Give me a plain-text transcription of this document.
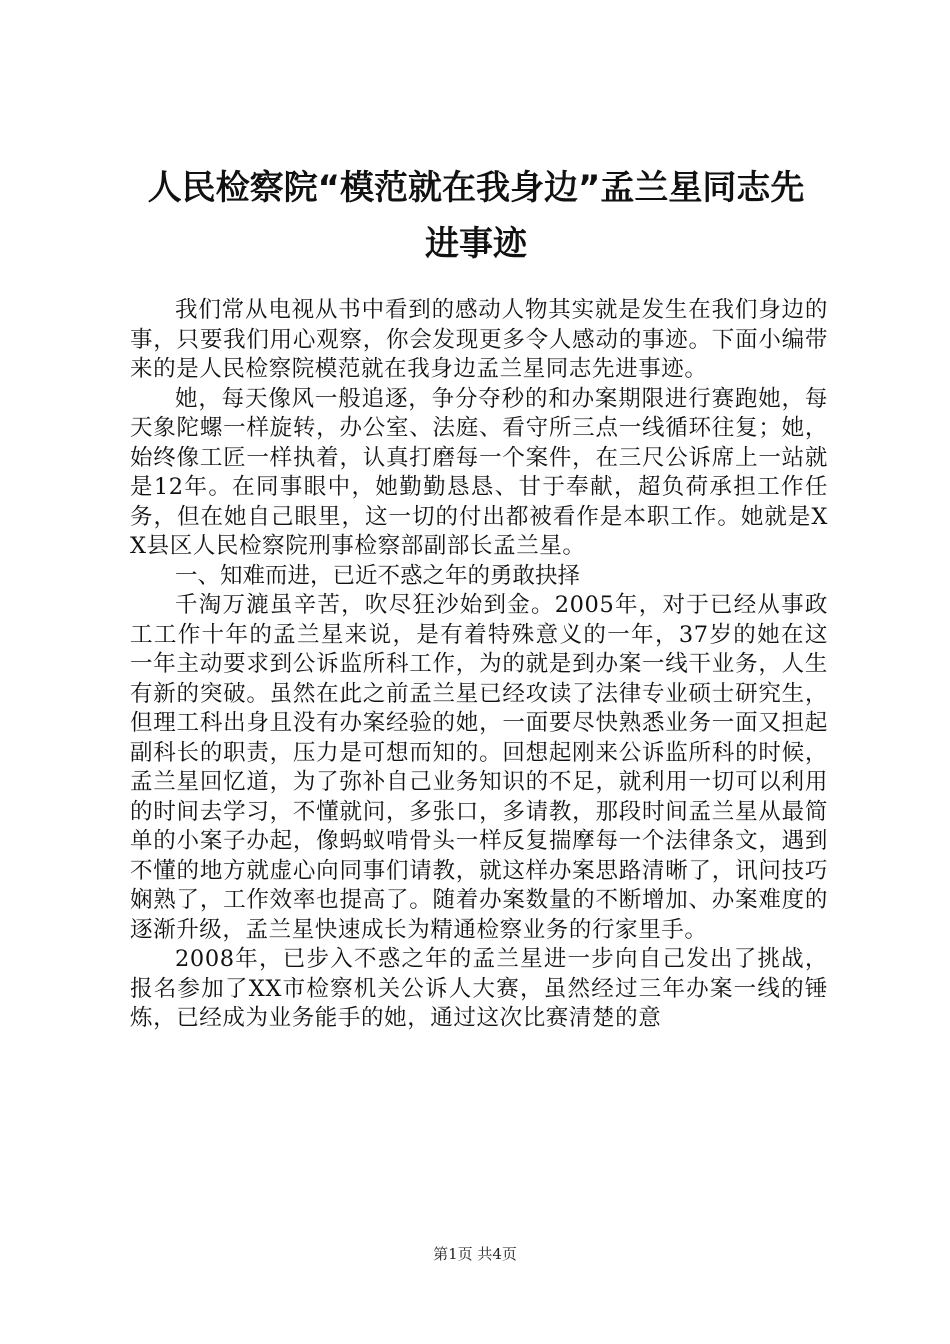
人民检察院“模范就在我身边”孟兰星同志先
进事迹

我们常从电视从书中看到的感动人物其实就是发生在我们身边的事，只要我们用心观察，你会发现更多令人感动的事迹。下面小编带来的是人民检察院模范就在我身边孟兰星同志先进事迹。

她，每天像风一般追逐，争分夺秒的和办案期限进行赛跑她，每天象陀螺一样旋转，办公室、法庭、看守所三点一线循环往复；她，始终像工匠一样执着，认真打磨每一个案件，在三尺公诉席上一站就是12年。在同事眼中，她勤勤恳恳、甘于奉献，超负荷承担工作任务，但在她自己眼里，这一切的付出都被看作是本职工作。她就是XX县区人民检察院刑事检察部副部长孟兰星。

一、知难而进，已近不惑之年的勇敢抉择

千淘万漉虽辛苦，吹尽狂沙始到金。2005年，对于已经从事政工工作十年的孟兰星来说，是有着特殊意义的一年，37岁的她在这一年主动要求到公诉监所科工作，为的就是到办案一线干业务，人生有新的突破。虽然在此之前孟兰星已经攻读了法律专业硕士研究生，但理工科出身且没有办案经验的她，一面要尽快熟悉业务一面又担起副科长的职责，压力是可想而知的。回想起刚来公诉监所科的时候，孟兰星回忆道，为了弥补自己业务知识的不足，就利用一切可以利用的时间去学习，不懂就问，多张口，多请教，那段时间孟兰星从最简单的小案子办起，像蚂蚁啃骨头一样反复揣摩每一个法律条文，遇到不懂的地方就虚心向同事们请教，就这样办案思路清晰了，讯问技巧娴熟了，工作效率也提高了。随着办案数量的不断增加、办案难度的逐渐升级，孟兰星快速成长为精通检察业务的行家里手。

2008年，已步入不惑之年的孟兰星进一步向自己发出了挑战，报名参加了XX市检察机关公诉人大赛，虽然经过三年办案一线的锤炼，已经成为业务能手的她，通过这次比赛清楚的意

第1页 共4页
